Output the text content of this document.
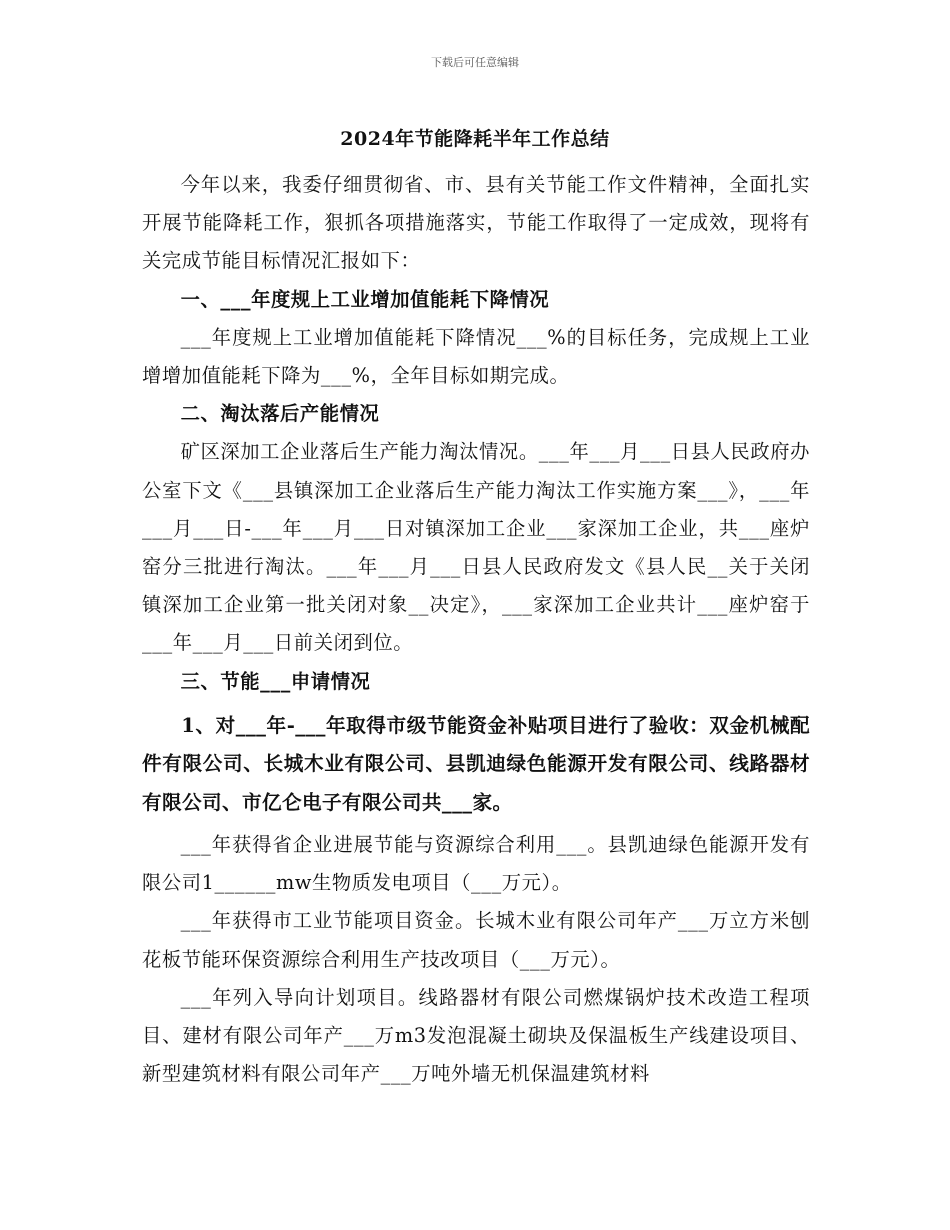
下载后可任意编辑
2024年节能降耗半年工作总结

今年以来，我委仔细贯彻省、市、县有关节能工作文件精神，全面扎实开展节能降耗工作，狠抓各项措施落实，节能工作取得了一定成效，现将有关完成节能目标情况汇报如下：

一、___年度规上工业增加值能耗下降情况

___年度规上工业增加值能耗下降情况___%的目标任务，完成规上工业增增加值能耗下降为___%，全年目标如期完成。

二、淘汰落后产能情况

矿区深加工企业落后生产能力淘汰情况。___年___月___日县人民政府办公室下文《___县镇深加工企业落后生产能力淘汰工作实施方案___》，___年___月___日-___年___月___日对镇深加工企业___家深加工企业，共___座炉窑分三批进行淘汰。___年___月___日县人民政府发文《县人民__关于关闭镇深加工企业第一批关闭对象__决定》，___家深加工企业共计___座炉窑于___年___月___日前关闭到位。

三、节能___申请情况

1、对___年-___年取得市级节能资金补贴项目进行了验收：双金机械配件有限公司、长城木业有限公司、县凯迪绿色能源开发有限公司、线路器材有限公司、市亿仑电子有限公司共___家。

___年获得省企业进展节能与资源综合利用___。县凯迪绿色能源开发有限公司1______mw生物质发电项目（___万元）。

___年获得市工业节能项目资金。长城木业有限公司年产___万立方米刨花板节能环保资源综合利用生产技改项目（___万元）。

___年列入导向计划项目。线路器材有限公司燃煤锅炉技术改造工程项目、建材有限公司年产___万m3发泡混凝土砌块及保温板生产线建设项目、新型建筑材料有限公司年产___万吨外墙无机保温建筑材料
